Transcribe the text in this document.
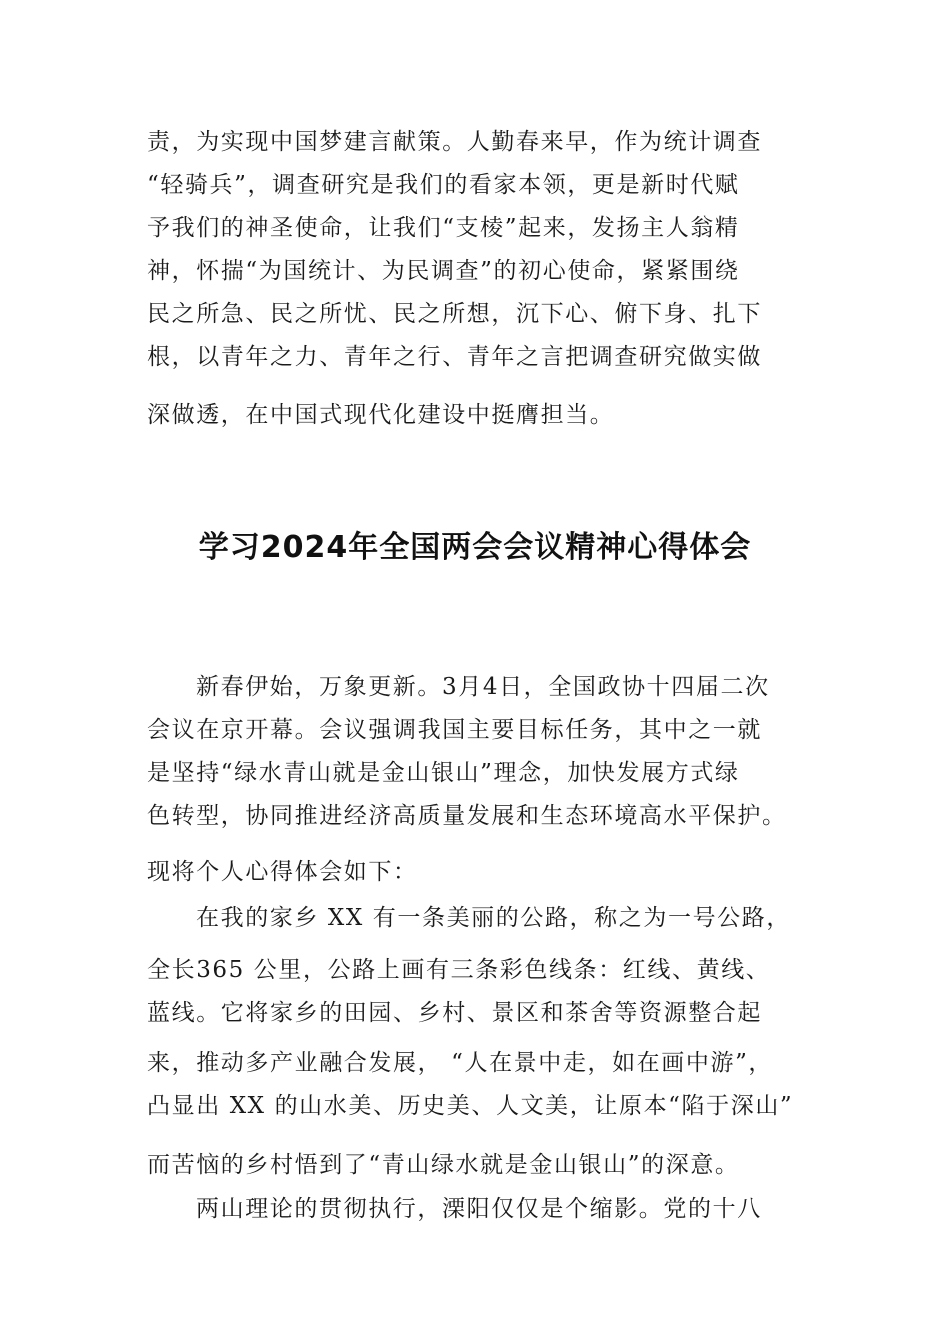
责，为实现中国梦建言献策。人勤春来早，作为统计调查
“轻骑兵”，调查研究是我们的看家本领，更是新时代赋
予我们的神圣使命，让我们“支棱”起来，发扬主人翁精
神，怀揣“为国统计、为民调查”的初心使命，紧紧围绕
民之所急、民之所忧、民之所想，沉下心、俯下身、扎下
根，以青年之力、青年之行、青年之言把调查研究做实做
深做透，在中国式现代化建设中挺膺担当。
学习2024年全国两会会议精神心得体会
新春伊始，万象更新。3月4日，全国政协十四届二次
会议在京开幕。会议强调我国主要目标任务，其中之一就
是坚持“绿水青山就是金山银山”理念，加快发展方式绿
色转型，协同推进经济高质量发展和生态环境高水平保护。
现将个人心得体会如下：
在我的家乡 XX 有一条美丽的公路，称之为一号公路，
全长365 公里，公路上画有三条彩色线条：红线、黄线、
蓝线。它将家乡的田园、乡村、景区和茶舍等资源整合起
来，推动多产业融合发展， “人在景中走，如在画中游”，
凸显出 XX 的山水美、历史美、人文美，让原本“陷于深山”
而苦恼的乡村悟到了“青山绿水就是金山银山”的深意。
两山理论的贯彻执行，溧阳仅仅是个缩影。党的十八
